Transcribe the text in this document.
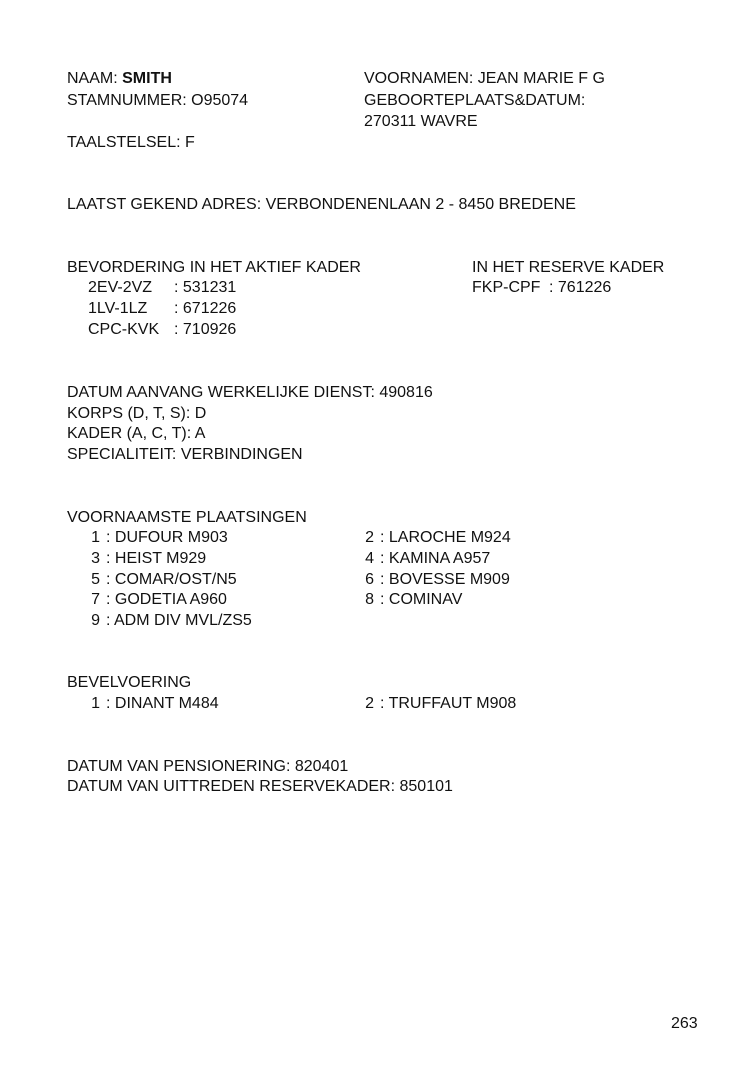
NAAM: SMITH
STAMNUMMER: O95074
TAALSTELSEL: F
VOORNAMEN: JEAN MARIE F G
GEBOORTEPLAATS&DATUM:
270311 WAVRE
LAATST GEKEND ADRES: VERBONDENENLAAN 2 - 8450 BREDENE
BEVORDERING IN HET AKTIEF KADER
2EV-2VZ : 531231
1LV-1LZ : 671226
CPC-KVK : 710926
IN HET RESERVE KADER
FKP-CPF : 761226
DATUM AANVANG WERKELIJKE DIENST: 490816
KORPS (D, T, S): D
KADER (A, C, T): A
SPECIALITEIT: VERBINDINGEN
VOORNAAMSTE PLAATSINGEN
1 : DUFOUR M903	2 : LAROCHE M924
3 : HEIST M929	4 : KAMINA A957
5 : COMAR/OST/N5	6 : BOVESSE M909
7 : GODETIA A960	8 : COMINAV
9 : ADM DIV MVL/ZS5
BEVELVOERING
1 : DINANT M484	2 : TRUFFAUT M908
DATUM VAN PENSIONERING: 820401
DATUM VAN UITTREDEN RESERVEKADER: 850101
263
